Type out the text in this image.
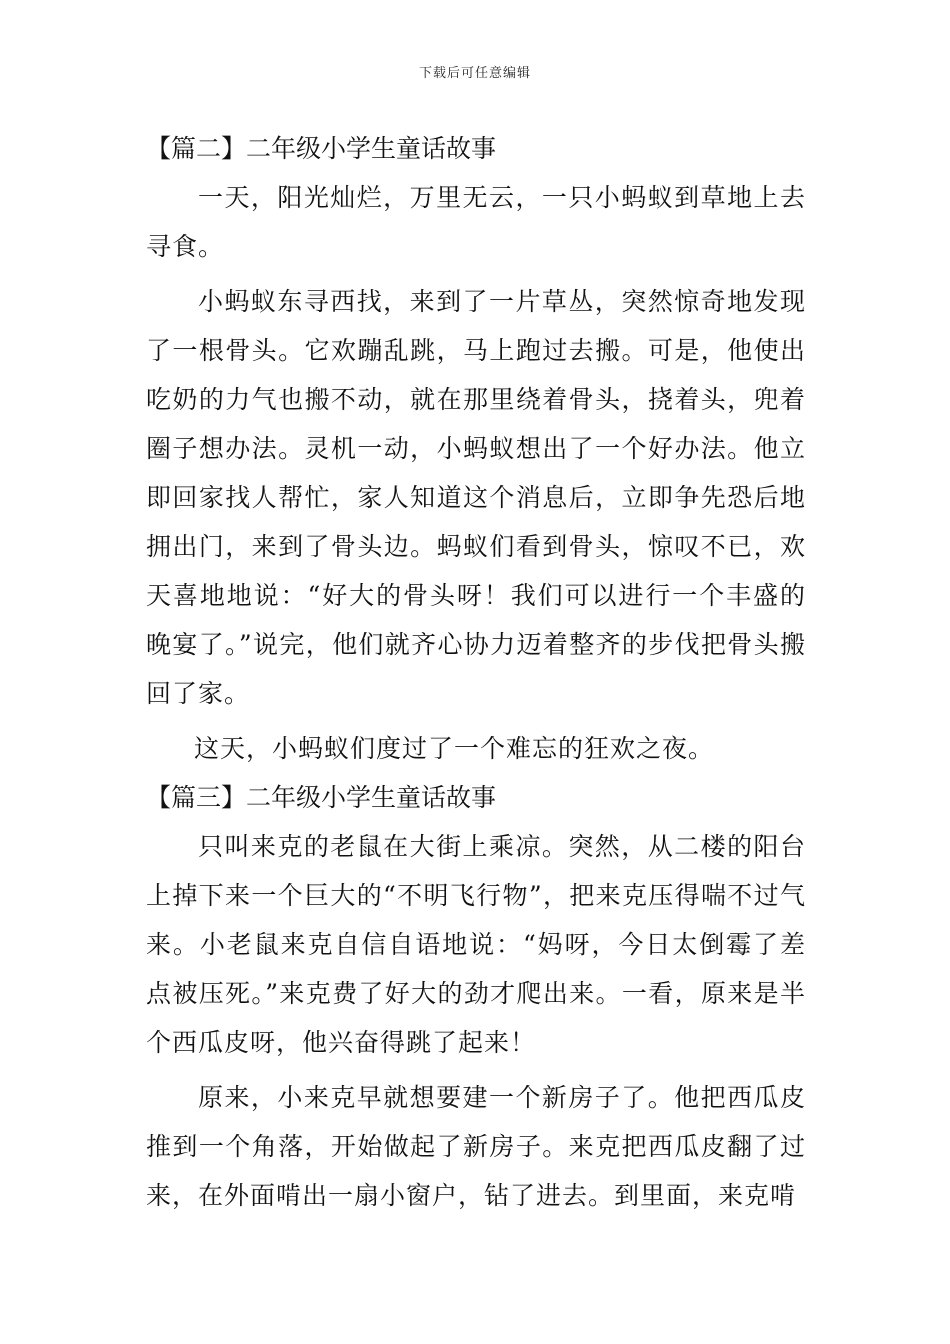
下载后可任意编辑
【篇二】二年级小学生童话故事

一天，阳光灿烂，万里无云，一只小蚂蚁到草地上去寻食。

小蚂蚁东寻西找，来到了一片草丛，突然惊奇地发现了一根骨头。它欢蹦乱跳，马上跑过去搬。可是，他使出吃奶的力气也搬不动，就在那里绕着骨头，挠着头，兜着圈子想办法。灵机一动，小蚂蚁想出了一个好办法。他立即回家找人帮忙，家人知道这个消息后，立即争先恐后地拥出门，来到了骨头边。蚂蚁们看到骨头，惊叹不已，欢天喜地地说：“好大的骨头呀！我们可以进行一个丰盛的晚宴了。”说完，他们就齐心协力迈着整齐的步伐把骨头搬回了家。

这天，小蚂蚁们度过了一个难忘的狂欢之夜。

【篇三】二年级小学生童话故事

只叫来克的老鼠在大街上乘凉。突然，从二楼的阳台上掉下来一个巨大的“不明飞行物”，把来克压得喘不过气来。小老鼠来克自信自语地说：“妈呀，今日太倒霉了差点被压死。”来克费了好大的劲才爬出来。一看，原来是半个西瓜皮呀，他兴奋得跳了起来！

原来，小来克早就想要建一个新房子了。他把西瓜皮推到一个角落，开始做起了新房子。来克把西瓜皮翻了过来，在外面啃出一扇小窗户，钻了进去。到里面，来克啃
